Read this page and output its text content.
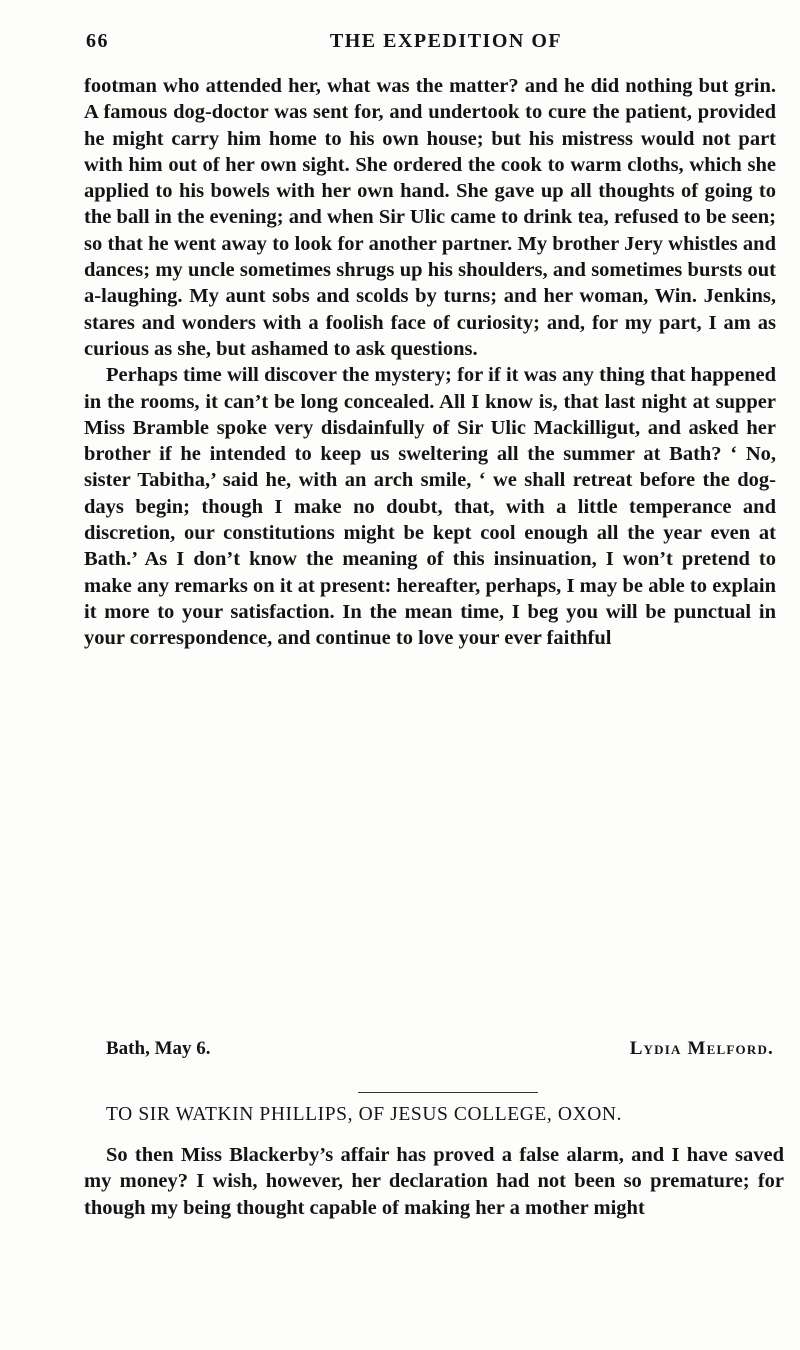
66	THE EXPEDITION OF

footman who attended her, what was the matter? and he did nothing but grin. A famous dog-doctor was sent for, and undertook to cure the patient, provided he might carry him home to his own house; but his mistress would not part with him out of her own sight. She ordered the cook to warm cloths, which she applied to his bowels with her own hand. She gave up all thoughts of going to the ball in the evening; and when Sir Ulic came to drink tea, refused to be seen; so that he went away to look for another partner. My brother Jery whistles and dances; my uncle sometimes shrugs up his shoulders, and sometimes bursts out a-laughing. My aunt sobs and scolds by turns; and her woman, Win. Jenkins, stares and wonders with a foolish face of curiosity; and, for my part, I am as curious as she, but ashamed to ask questions.

Perhaps time will discover the mystery; for if it was any thing that happened in the rooms, it can’t be long concealed. All I know is, that last night at supper Miss Bramble spoke very disdainfully of Sir Ulic Mackilligut, and asked her brother if he intended to keep us sweltering all the summer at Bath? ‘ No, sister Tabitha,’ said he, with an arch smile, ‘ we shall retreat before the dog-days begin; though I make no doubt, that, with a little temperance and discretion, our constitutions might be kept cool enough all the year even at Bath.’ As I don’t know the meaning of this insinuation, I won’t pretend to make any remarks on it at present: hereafter, perhaps, I may be able to explain it more to your satisfaction. In the mean time, I beg you will be punctual in your correspondence, and continue to love your ever faithful

Bath, May 6.	Lydia Melford.
TO SIR WATKIN PHILLIPS, OF JESUS COLLEGE, OXON.

So then Miss Blackerby’s affair has proved a false alarm, and I have saved my money? I wish, however, her declaration had not been so premature; for though my being thought capable of making her a mother might
